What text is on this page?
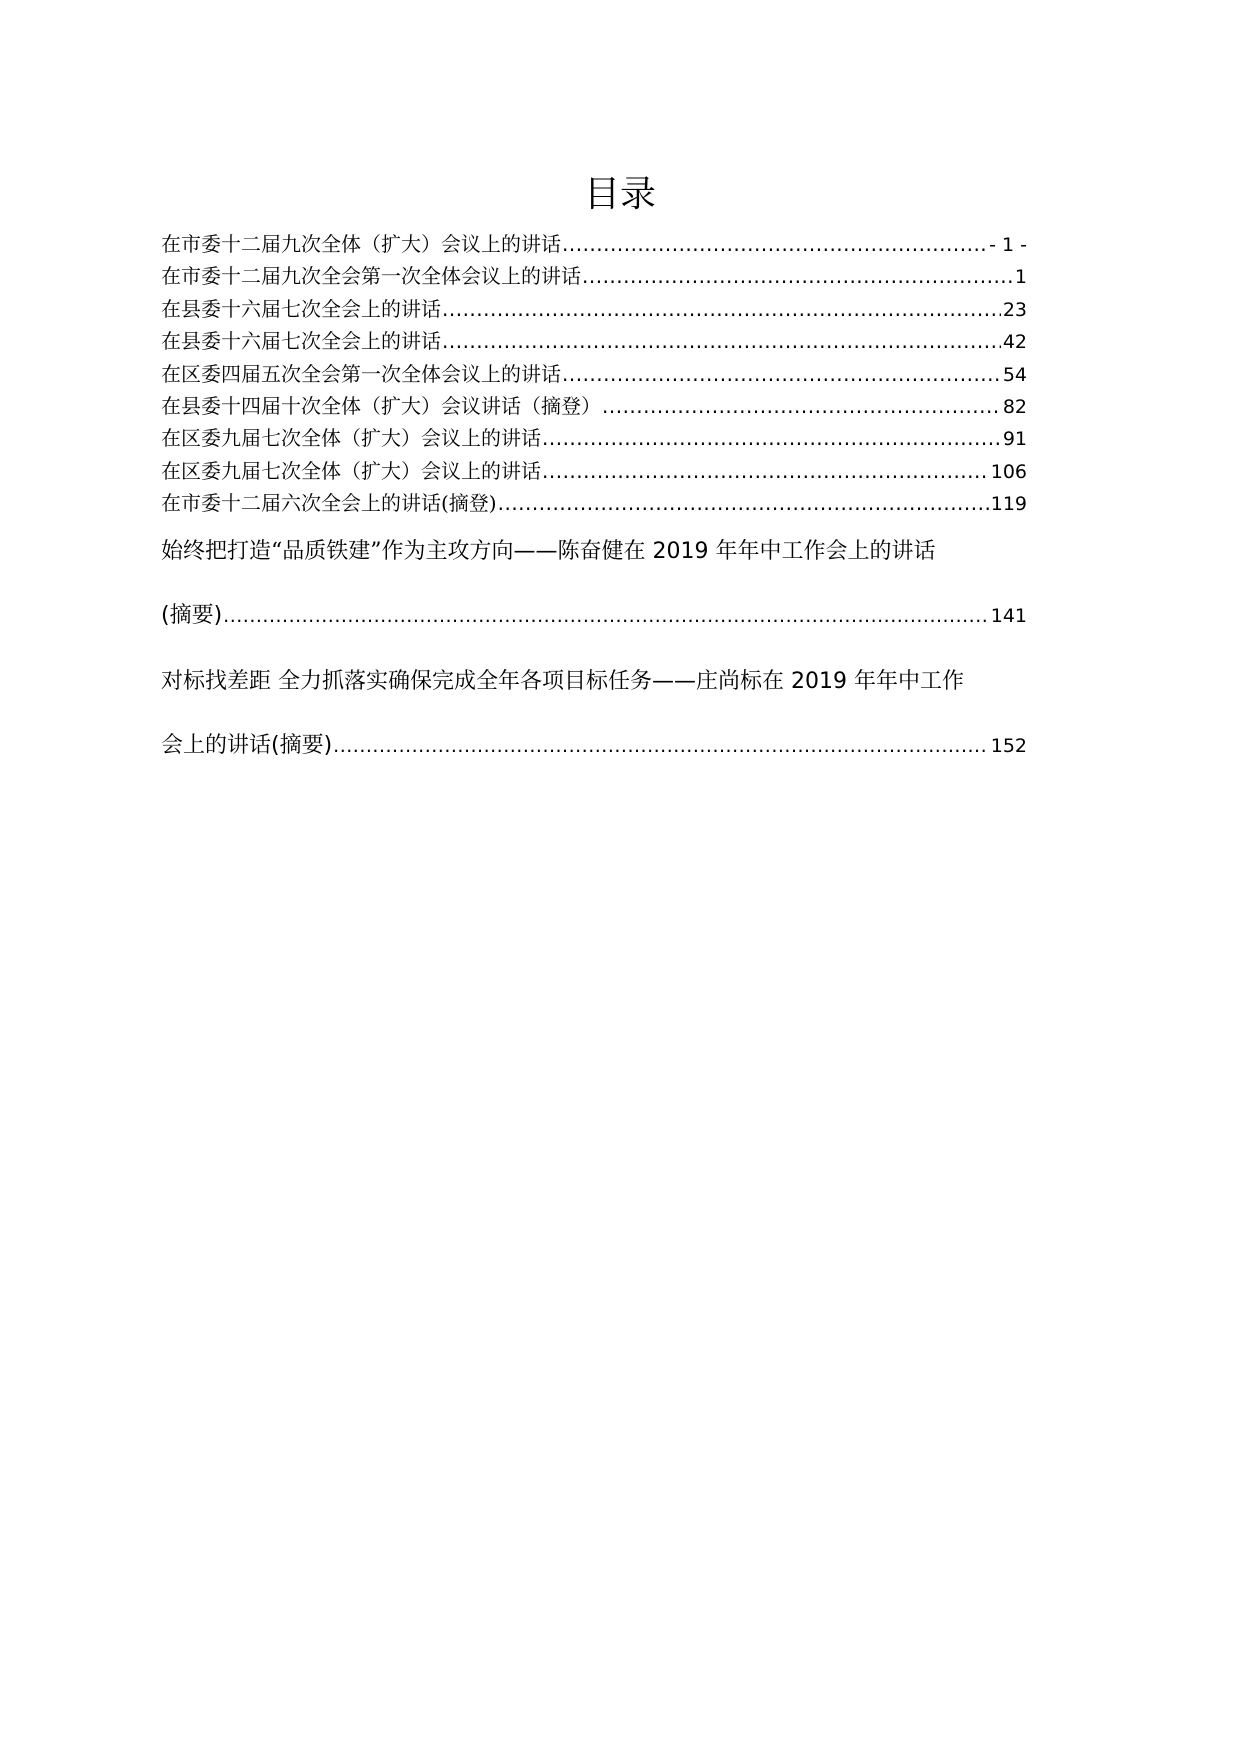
目录
在市委十二届九次全体（扩大）会议上的讲话 .....	- 1 -
在市委十二届九次全会第一次全体会议上的讲话 .....	1
在县委十六届七次全会上的讲话 .....	23
在县委十六届七次全会上的讲话 .....	42
在区委四届五次全会第一次全体会议上的讲话 .....	54
在县委十四届十次全体（扩大）会议讲话（摘登） .....	82
在区委九届七次全体（扩大）会议上的讲话 .....	91
在区委九届七次全体（扩大）会议上的讲话 .....	106
在市委十二届六次全会上的讲话(摘登) .....	119
始终把打造“品质铁建”作为主攻方向——陈奋健在 2019 年年中工作会上的讲话
(摘要) .....	141
对标找差距 全力抓落实确保完成全年各项目标任务——庄尚标在 2019 年年中工作
会上的讲话(摘要) .....	152
